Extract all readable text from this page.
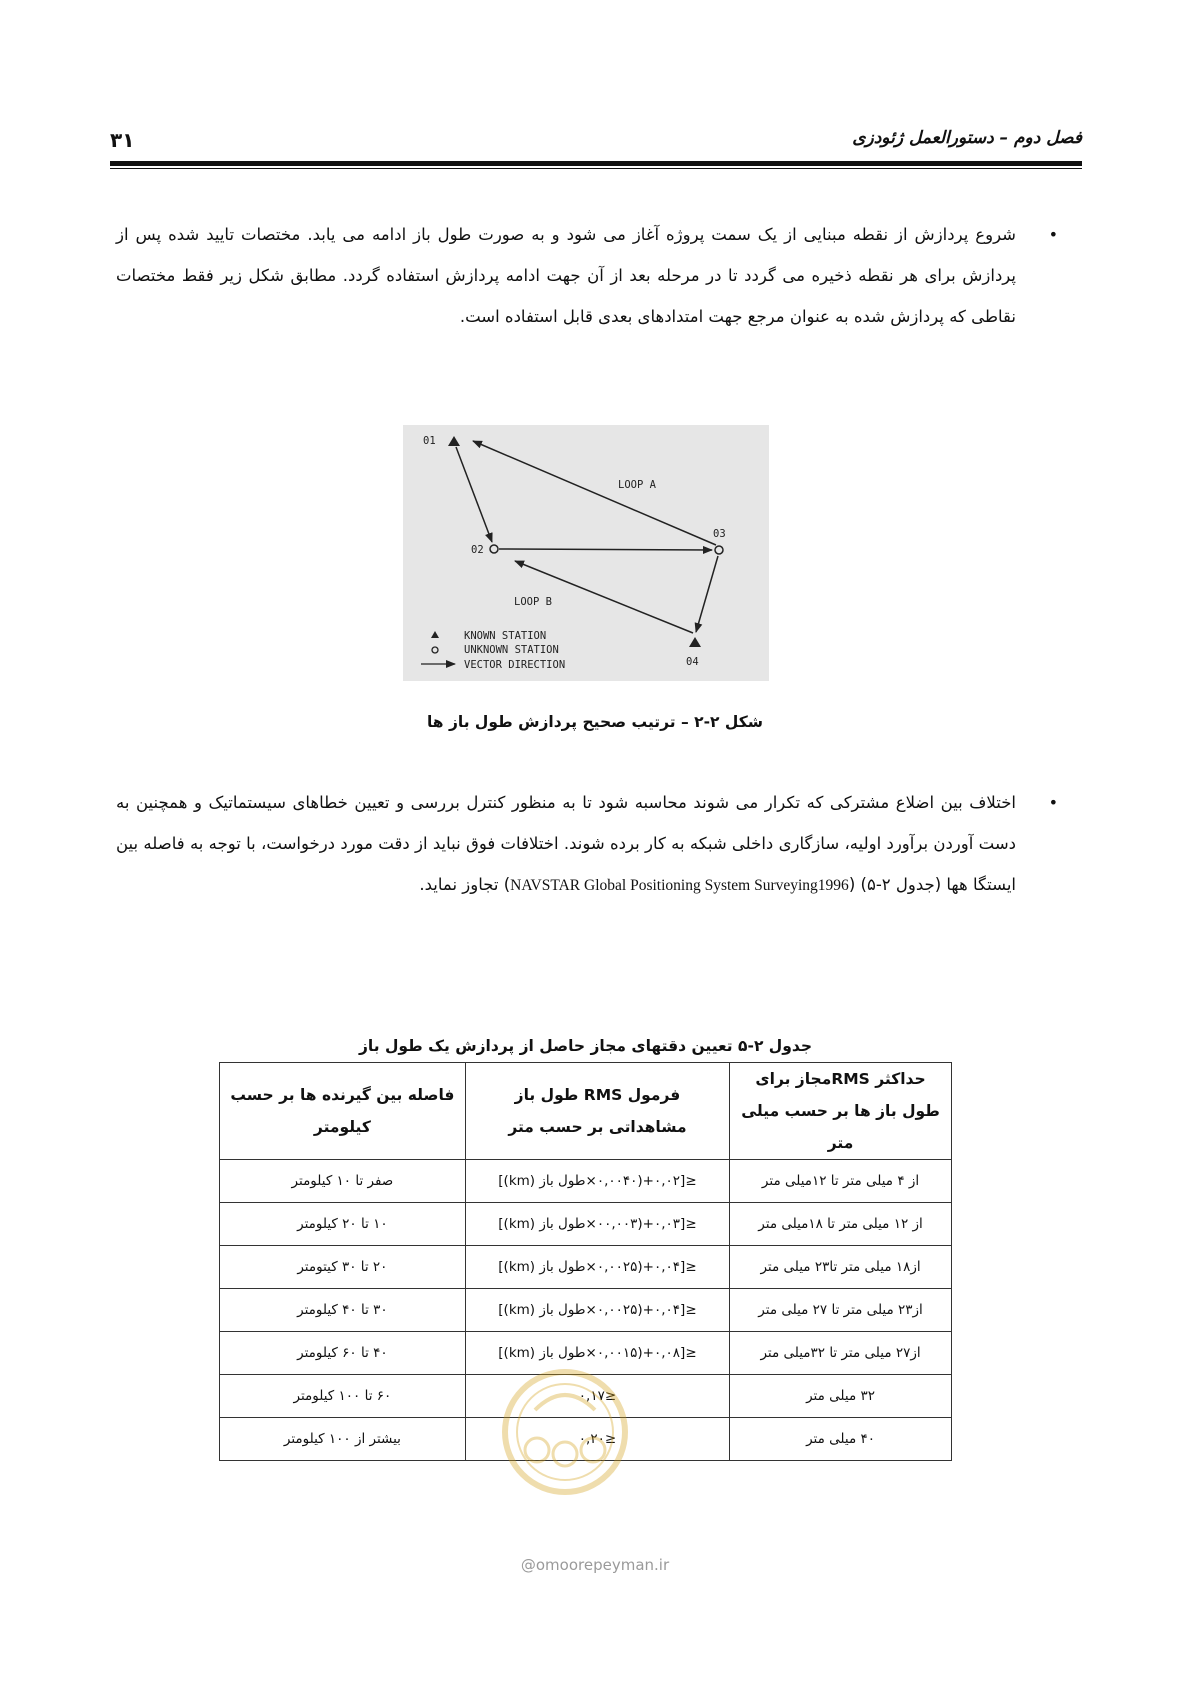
فصل دوم – دستورالعمل ژئودزی
۳۱
•
شروع پردازش از نقطه مبنایی از یک سمت پروژه آغاز می شود و به صورت طول باز ادامه می یابد. مختصات تایید شده پس از پردازش برای هر نقطه ذخیره می گردد تا در مرحله بعد از آن جهت ادامه پردازش استفاده گردد. مطابق شکل زیر فقط مختصات نقاطی که پردازش شده به عنوان مرجع جهت امتدادهای بعدی قابل استفاده است.
01
02
03
04
LOOP A
LOOP B
KNOWN STATION
UNKNOWN STATION
VECTOR DIRECTION
شکل ۲-۲ – ترتیب صحیح پردازش طول باز ها
•
اختلاف بین اضلاع مشترکی که تکرار می شوند محاسبه شود تا به منظور کنترل بررسی و تعیین خطاهای سیستماتیک و همچنین به دست آوردن برآورد اولیه، سازگاری داخلی شبکه به کار برده شوند. اختلافات فوق نباید از دقت مورد درخواست، با توجه به فاصله بین ایستگا هها (جدول ۲-۵) (NAVSTAR Global Positioning System Surveying1996) تجاوز نماید.
جدول ۲-۵ تعیین دقتهای مجاز حاصل از پردازش یک طول باز
حداکثر RMSمجاز برای طول باز ها بر حسب میلی متر	فرمول RMS طول باز مشاهداتی بر حسب متر	فاصله بین گیرنده ها بر حسب کیلومتر
از ۴ میلی متر تا ۱۲میلی متر	≤[۰,۰۲+(۰,۰۰۴۰×طول باز (km)]	صفر تا ۱۰ کیلومتر
از ۱۲ میلی متر تا ۱۸میلی متر	≤[۰,۰۳+(۰۰,۰۰۳×طول باز (km)]	۱۰ تا ۲۰ کیلومتر
از۱۸ میلی متر تا۲۳ میلی متر	≤[۰,۰۴+(۰,۰۰۲۵×طول باز (km)]	۲۰ تا ۳۰ کیتومتر
از۲۳ میلی متر تا ۲۷ میلی متر	≤[۰,۰۴+(۰,۰۰۲۵×طول باز (km)]	۳۰ تا ۴۰ کیلومتر
از۲۷ میلی متر تا ۳۲میلی متر	≤[۰,۰۸+(۰,۰۰۱۵×طول باز (km)]	۴۰ تا ۶۰ کیلومتر
۳۲ میلی متر	≤۰,۱۷	۶۰ تا ۱۰۰ کیلومتر
۴۰ میلی متر	≤۰,۲۰	بیشتر از ۱۰۰ کیلومتر
@omoorepeyman.ir
